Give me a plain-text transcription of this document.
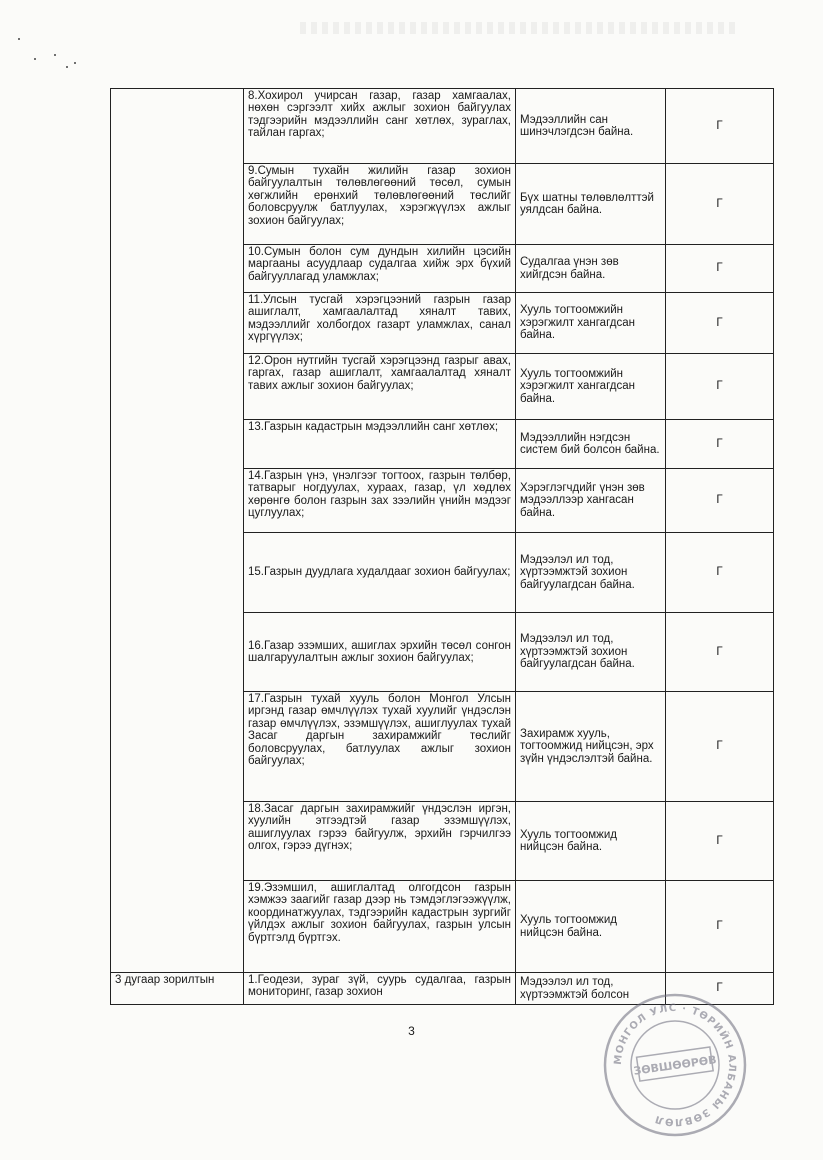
	8.Хохирол учирсан газар, газар хамгаалах, нөхөн сэргээлт хийх ажлыг зохион байгуулах тэдгээрийн мэдээллийн санг хөтлөх, зураглах, тайлан гаргах;	Мэдээллийн сан шинэчлэгдсэн байна.	Г
	9.Сумын тухайн жилийн газар зохион байгуулалтын төлөвлөгөөний төсөл, сумын хөгжлийн ерөнхий төлөвлөгөөний төслийг боловсруулж батлуулах, хэрэгжүүлэх ажлыг зохион байгуулах;	Бүх шатны төлөвлөлттэй уялдсан байна.	Г
	10.Сумын болон сум дундын хилийн цэсийн маргааны асуудлаар судалгаа хийж эрх бүхий байгууллагад уламжлах;	Судалгаа үнэн зөв хийгдсэн байна.	Г
	11.Улсын тусгай хэрэгцээний газрын газар ашиглалт, хамгаалалтад хяналт тавих, мэдээллийг холбогдох газарт уламжлах, санал хүргүүлэх;	Хууль тогтоомжийн хэрэгжилт хангагдсан байна.	Г
	12.Орон нутгийн тусгай хэрэгцээнд газрыг авах, гаргах, газар ашиглалт, хамгаалалтад хяналт тавих ажлыг зохион байгуулах;	Хууль тогтоомжийн хэрэгжилт хангагдсан байна.	Г
	13.Газрын кадастрын мэдээллийн санг хөтлөх;	Мэдээллийн нэгдсэн систем бий болсон байна.	Г
	14.Газрын үнэ, үнэлгээг тогтоох, газрын төлбөр, татварыг ногдуулах, хураах, газар, үл хөдлөх хөрөнгө болон газрын зах зээлийн үнийн мэдээг цуглуулах;	Хэрэглэгчдийг үнэн зөв мэдээллээр хангасан байна.	Г
	15.Газрын дуудлага худалдааг зохион байгуулах;	Мэдээлэл ил тод, хүртээмжтэй зохион байгуулагдсан байна.	Г
	16.Газар эзэмших, ашиглах эрхийн төсөл сонгон шалгаруулалтын ажлыг зохион байгуулах;	Мэдээлэл ил тод, хүртээмжтэй зохион байгуулагдсан байна.	Г
	17.Газрын тухай хууль болон Монгол Улсын иргэнд газар өмчлүүлэх тухай хуулийг үндэслэн газар өмчлүүлэх, эзэмшүүлэх, ашиглуулах тухай Засаг даргын захирамжийг төслийг боловсруулах, батлуулах ажлыг зохион байгуулах;	Захирамж хууль, тогтоомжид нийцсэн, эрх зүйн үндэслэлтэй байна.	Г
	18.Засаг даргын захирамжийг үндэслэн иргэн, хуулийн этгээдтэй газар эзэмшүүлэх, ашиглуулах гэрээ байгуулж, эрхийн гэрчилгээ олгох, гэрээ дүгнэх;	Хууль тогтоомжид нийцсэн байна.	Г
	19.Эзэмшил, ашиглалтад олгогдсон газрын хэмжээ заагийг газар дээр нь тэмдэглэгээжүүлж, координатжуулах, тэдгээрийн кадастрын зургийг үйлдэх ажлыг зохион байгуулах, газрын улсын бүртгэлд бүртгэх.	Хууль тогтоомжид нийцсэн байна.	Г
3 дугаар зорилтын	1.Геодези, зураг зүй, суурь судалгаа, газрын мониторинг, газар зохион	Мэдээлэл ил тод, хүртээмжтэй болсон	Г
3
МОНГОЛ УЛС · ТӨРИЙН АЛБАНЫ ЗӨВЛӨЛ
ЗӨВШӨӨРӨВ
